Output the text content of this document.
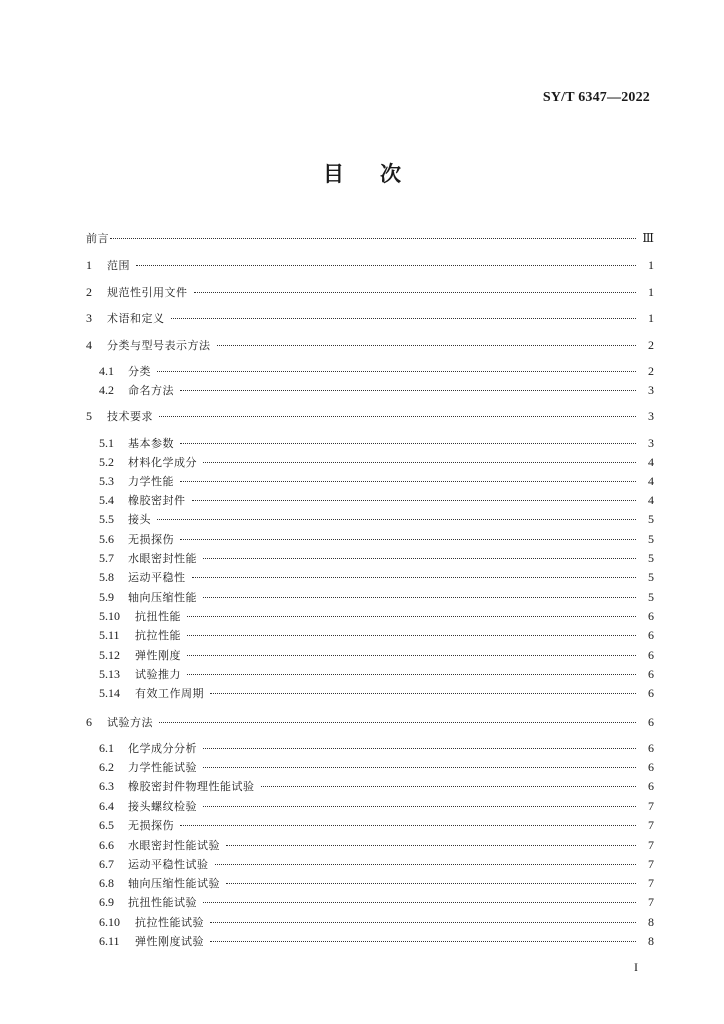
SY/T 6347—2022
目次
前言	Ⅲ
1	范围	1
2	规范性引用文件	1
3	术语和定义	1
4	分类与型号表示方法	2
4.1	分类	2
4.2	命名方法	3
5	技术要求	3
5.1	基本参数	3
5.2	材料化学成分	4
5.3	力学性能	4
5.4	橡胶密封件	4
5.5	接头	5
5.6	无损探伤	5
5.7	水眼密封性能	5
5.8	运动平稳性	5
5.9	轴向压缩性能	5
5.10	抗扭性能	6
5.11	抗拉性能	6
5.12	弹性刚度	6
5.13	试验推力	6
5.14	有效工作周期	6
6	试验方法	6
6.1	化学成分分析	6
6.2	力学性能试验	6
6.3	橡胶密封件物理性能试验	6
6.4	接头螺纹检验	7
6.5	无损探伤	7
6.6	水眼密封性能试验	7
6.7	运动平稳性试验	7
6.8	轴向压缩性能试验	7
6.9	抗扭性能试验	7
6.10	抗拉性能试验	8
6.11	弹性刚度试验	8
I
